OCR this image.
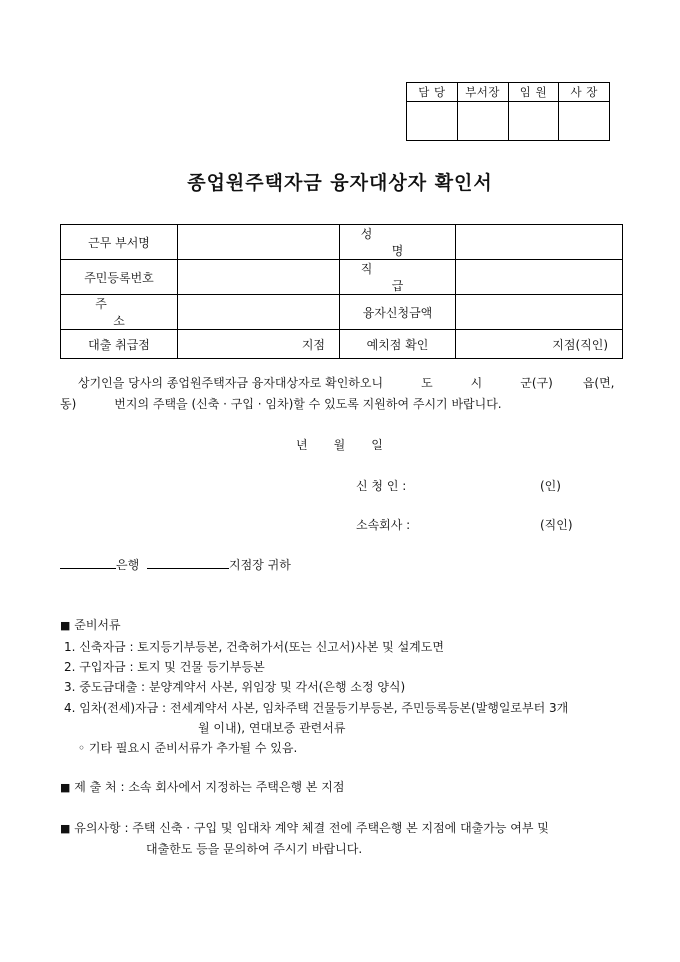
담 당	부서장	임 원	사 장

종업원주택자금 융자대상자 확인서
근무 부서명		성 명	
주민등록번호		직 급	
주 소		융자신청금액	
대출 취급점	지점	예치점 확인	지점(직인)
상기인을 당사의 종업원주택자금 융자대상자로 확인하오니	도	시	군(구)	읍(면,
동)	번지의 주택을 (신축 · 구입 · 임차)할 수 있도록 지원하여 주시기 바랍니다.
년 월 일
신 청 인 :	(인)
소속회사 :	(직인)
은행	지점장 귀하
■ 준비서류
1. 신축자금 : 토지등기부등본, 건축허가서(또는 신고서)사본 및 설계도면
2. 구입자금 : 토지 및 건물 등기부등본
3. 중도금대출 : 분양계약서 사본, 위임장 및 각서(은행 소정 양식)
4. 임차(전세)자금 : 전세계약서 사본, 임차주택 건물등기부등본, 주민등록등본(발행일로부터 3개
월 이내), 연대보증 관련서류
◦ 기타 필요시 준비서류가 추가될 수 있음.
■ 제 출 처 : 소속 회사에서 지정하는 주택은행 본 지점
■ 유의사항 : 주택 신축 · 구입 및 임대차 계약 체결 전에 주택은행 본 지점에 대출가능 여부 및
대출한도 등을 문의하여 주시기 바랍니다.
